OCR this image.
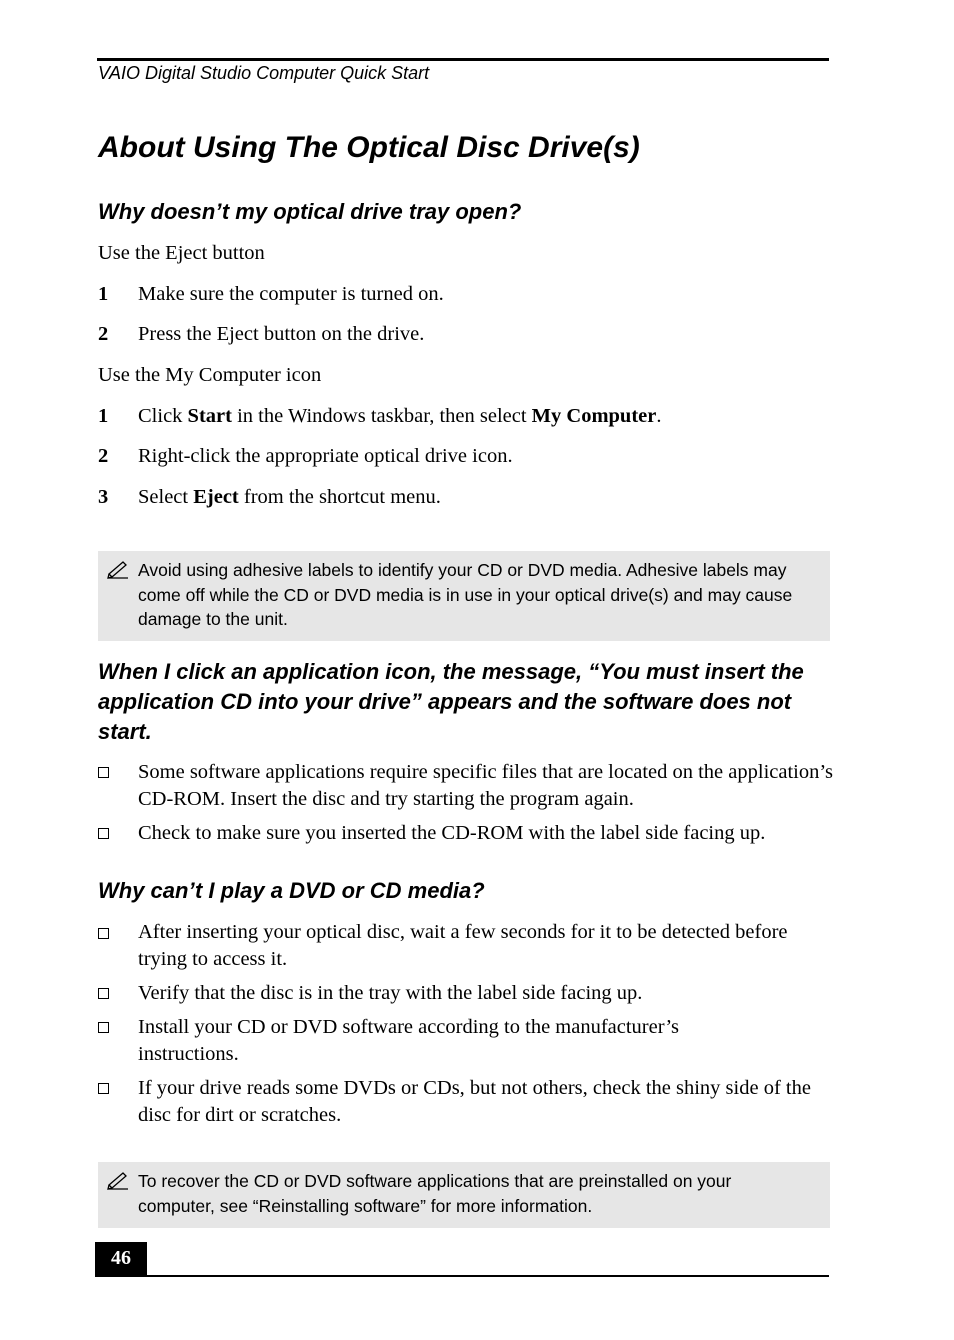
VAIO Digital Studio Computer Quick Start
About Using The Optical Disc Drive(s)
Why doesn’t my optical drive tray open?
Use the Eject button
1 Make sure the computer is turned on.
2 Press the Eject button on the drive.
Use the My Computer icon
1 Click Start in the Windows taskbar, then select My Computer.
2 Right-click the appropriate optical drive icon.
3 Select Eject from the shortcut menu.
Avoid using adhesive labels to identify your CD or DVD media. Adhesive labels may come off while the CD or DVD media is in use in your optical drive(s) and may cause damage to the unit.
When I click an application icon, the message, “You must insert the application CD into your drive” appears and the software does not start.
Some software applications require specific files that are located on the application’s CD-ROM. Insert the disc and try starting the program again.
Check to make sure you inserted the CD-ROM with the label side facing up.
Why can’t I play a DVD or CD media?
After inserting your optical disc, wait a few seconds for it to be detected before trying to access it.
Verify that the disc is in the tray with the label side facing up.
Install your CD or DVD software according to the manufacturer’s instructions.
If your drive reads some DVDs or CDs, but not others, check the shiny side of the disc for dirt or scratches.
To recover the CD or DVD software applications that are preinstalled on your computer, see “Reinstalling software” for more information.
46
